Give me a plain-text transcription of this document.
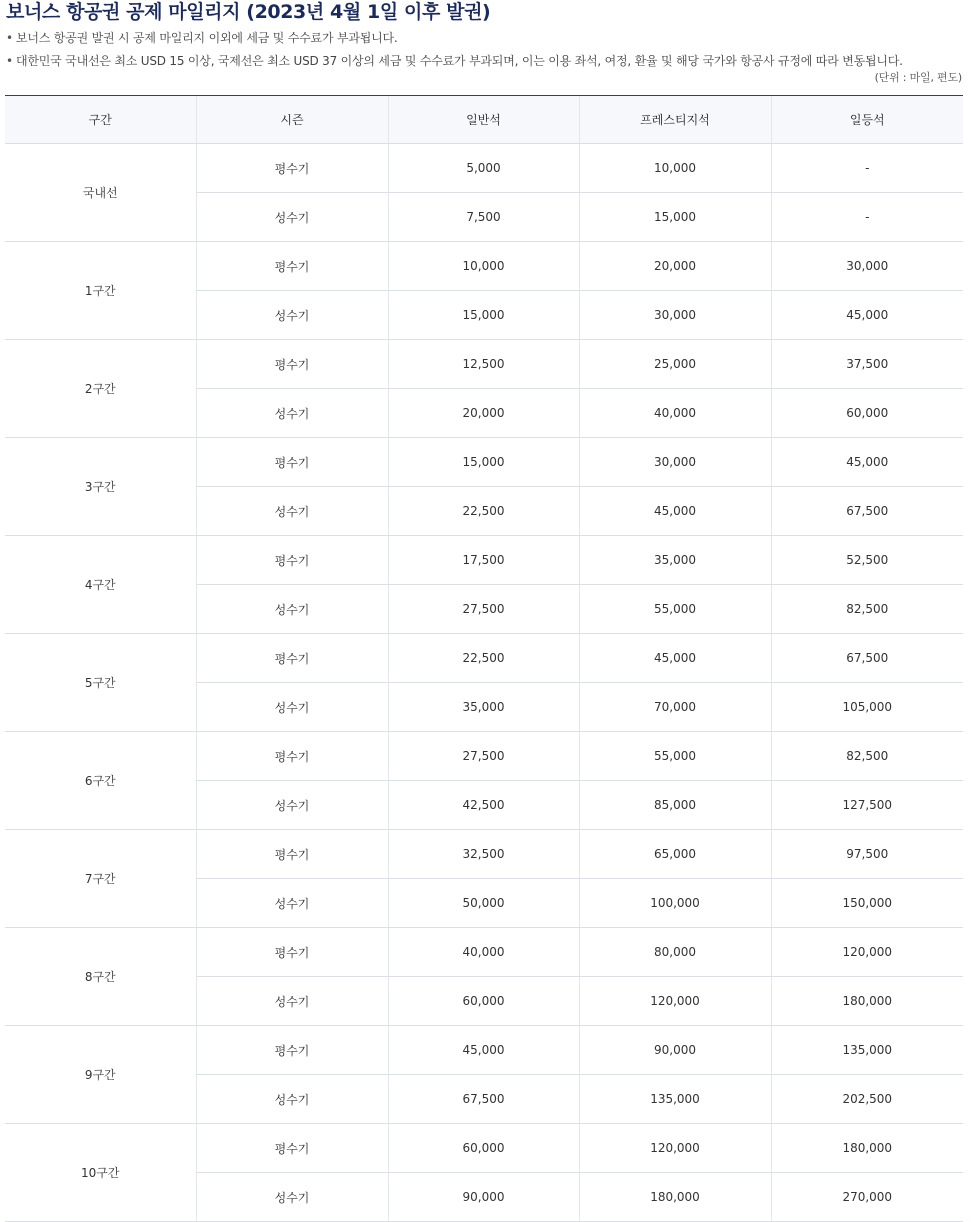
보너스 항공권 공제 마일리지 (2023년 4월 1일 이후 발권)
• 보너스 항공권 발권 시 공제 마일리지 이외에 세금 및 수수료가 부과됩니다.
• 대한민국 국내선은 최소 USD 15 이상, 국제선은 최소 USD 37 이상의 세금 및 수수료가 부과되며, 이는 이용 좌석, 여정, 환율 및 해당 국가와 항공사 규정에 따라 변동됩니다.
(단위 : 마일, 편도)
구간	시즌	일반석	프레스티지석	일등석
국내선	평수기	5,000	10,000	-
	성수기	7,500	15,000	-
1구간	평수기	10,000	20,000	30,000
	성수기	15,000	30,000	45,000
2구간	평수기	12,500	25,000	37,500
	성수기	20,000	40,000	60,000
3구간	평수기	15,000	30,000	45,000
	성수기	22,500	45,000	67,500
4구간	평수기	17,500	35,000	52,500
	성수기	27,500	55,000	82,500
5구간	평수기	22,500	45,000	67,500
	성수기	35,000	70,000	105,000
6구간	평수기	27,500	55,000	82,500
	성수기	42,500	85,000	127,500
7구간	평수기	32,500	65,000	97,500
	성수기	50,000	100,000	150,000
8구간	평수기	40,000	80,000	120,000
	성수기	60,000	120,000	180,000
9구간	평수기	45,000	90,000	135,000
	성수기	67,500	135,000	202,500
10구간	평수기	60,000	120,000	180,000
	성수기	90,000	180,000	270,000
